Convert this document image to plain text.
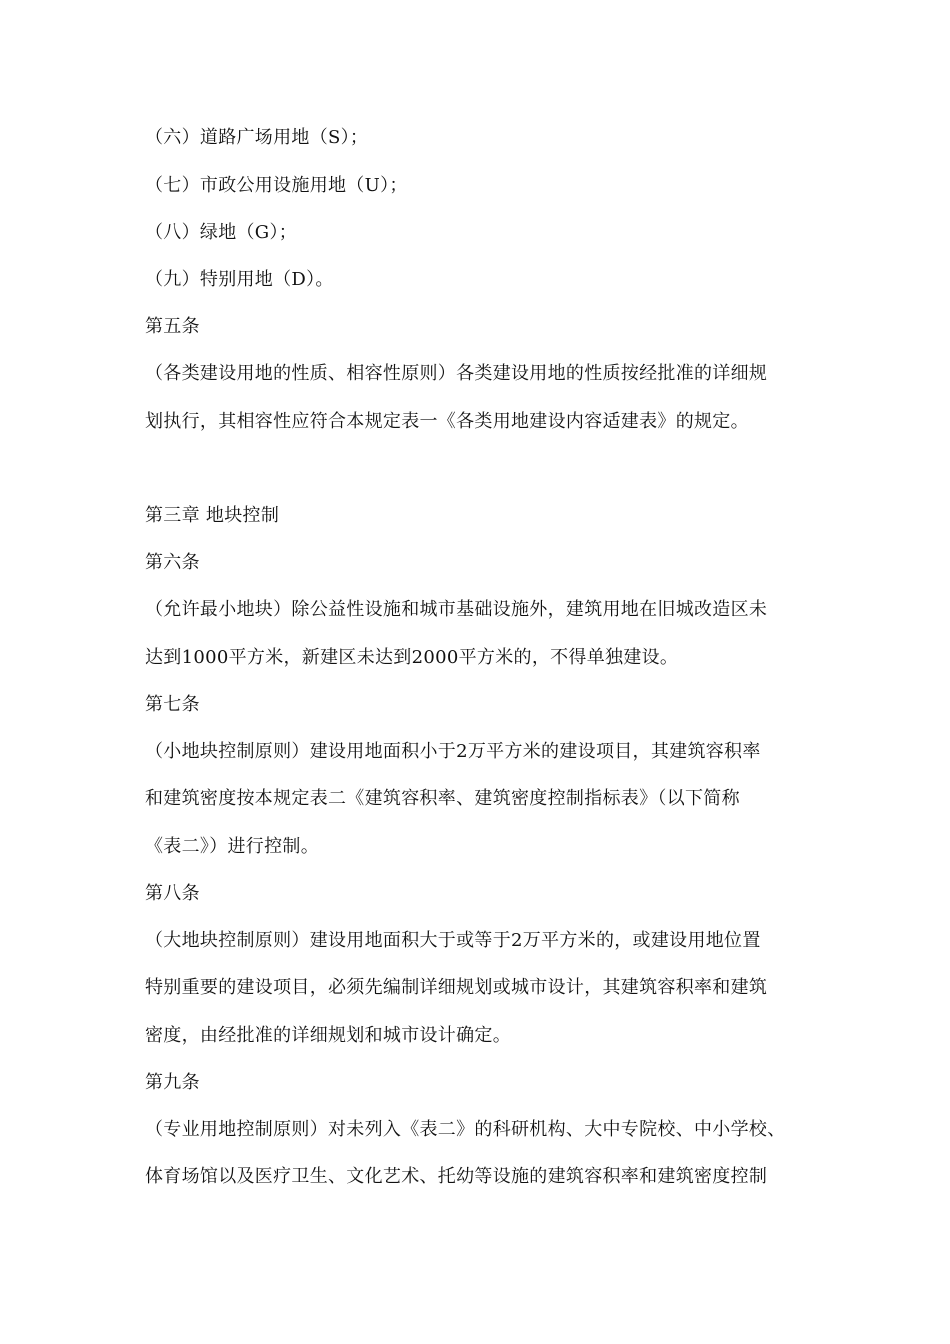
（六）道路广场用地（S）；

（七）市政公用设施用地（U）；

（八）绿地（G）；

（九）特别用地（D）。

第五条

（各类建设用地的性质、相容性原则）各类建设用地的性质按经批准的详细规

划执行，其相容性应符合本规定表一《各类用地建设内容适建表》的规定。

第三章 地块控制

第六条

（允许最小地块）除公益性设施和城市基础设施外，建筑用地在旧城改造区未

达到1000平方米，新建区未达到2000平方米的，不得单独建设。

第七条

（小地块控制原则）建设用地面积小于2万平方米的建设项目，其建筑容积率

和建筑密度按本规定表二《建筑容积率、建筑密度控制指标表》（以下简称

《表二》）进行控制。

第八条

（大地块控制原则）建设用地面积大于或等于2万平方米的，或建设用地位置

特别重要的建设项目，必须先编制详细规划或城市设计，其建筑容积率和建筑

密度，由经批准的详细规划和城市设计确定。

第九条

（专业用地控制原则）对未列入《表二》的科研机构、大中专院校、中小学校、

体育场馆以及医疗卫生、文化艺术、托幼等设施的建筑容积率和建筑密度控制
